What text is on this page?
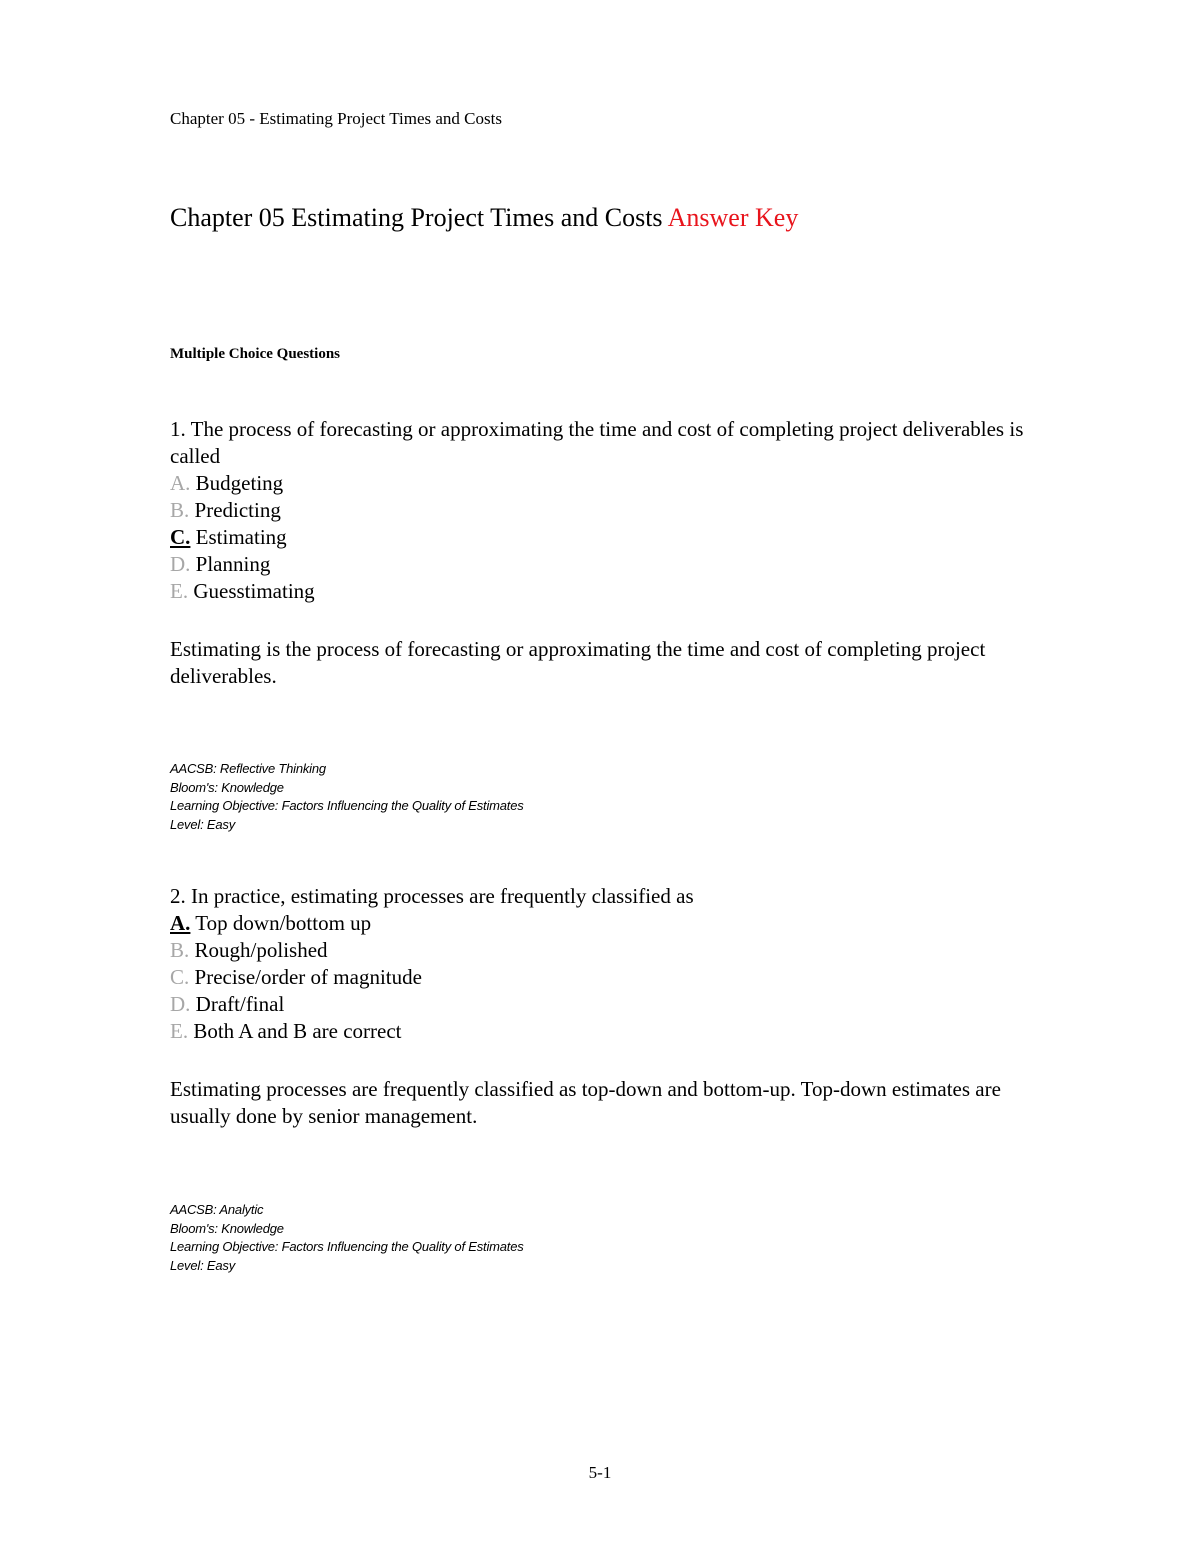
Chapter 05 - Estimating Project Times and Costs
Chapter 05 Estimating Project Times and Costs Answer Key
Multiple Choice Questions

1. The process of forecasting or approximating the time and cost of completing project deliverables is called

A. Budgeting
B. Predicting
C. Estimating
D. Planning
E. Guesstimating

Estimating is the process of forecasting or approximating the time and cost of completing project deliverables.

AACSB: Reflective Thinking
Bloom's: Knowledge
Learning Objective: Factors Influencing the Quality of Estimates
Level: Easy

2. In practice, estimating processes are frequently classified as

A. Top down/bottom up
B. Rough/polished
C. Precise/order of magnitude
D. Draft/final
E. Both A and B are correct

Estimating processes are frequently classified as top-down and bottom-up. Top-down estimates are usually done by senior management.

AACSB: Analytic
Bloom's: Knowledge
Learning Objective: Factors Influencing the Quality of Estimates
Level: Easy
5-1
